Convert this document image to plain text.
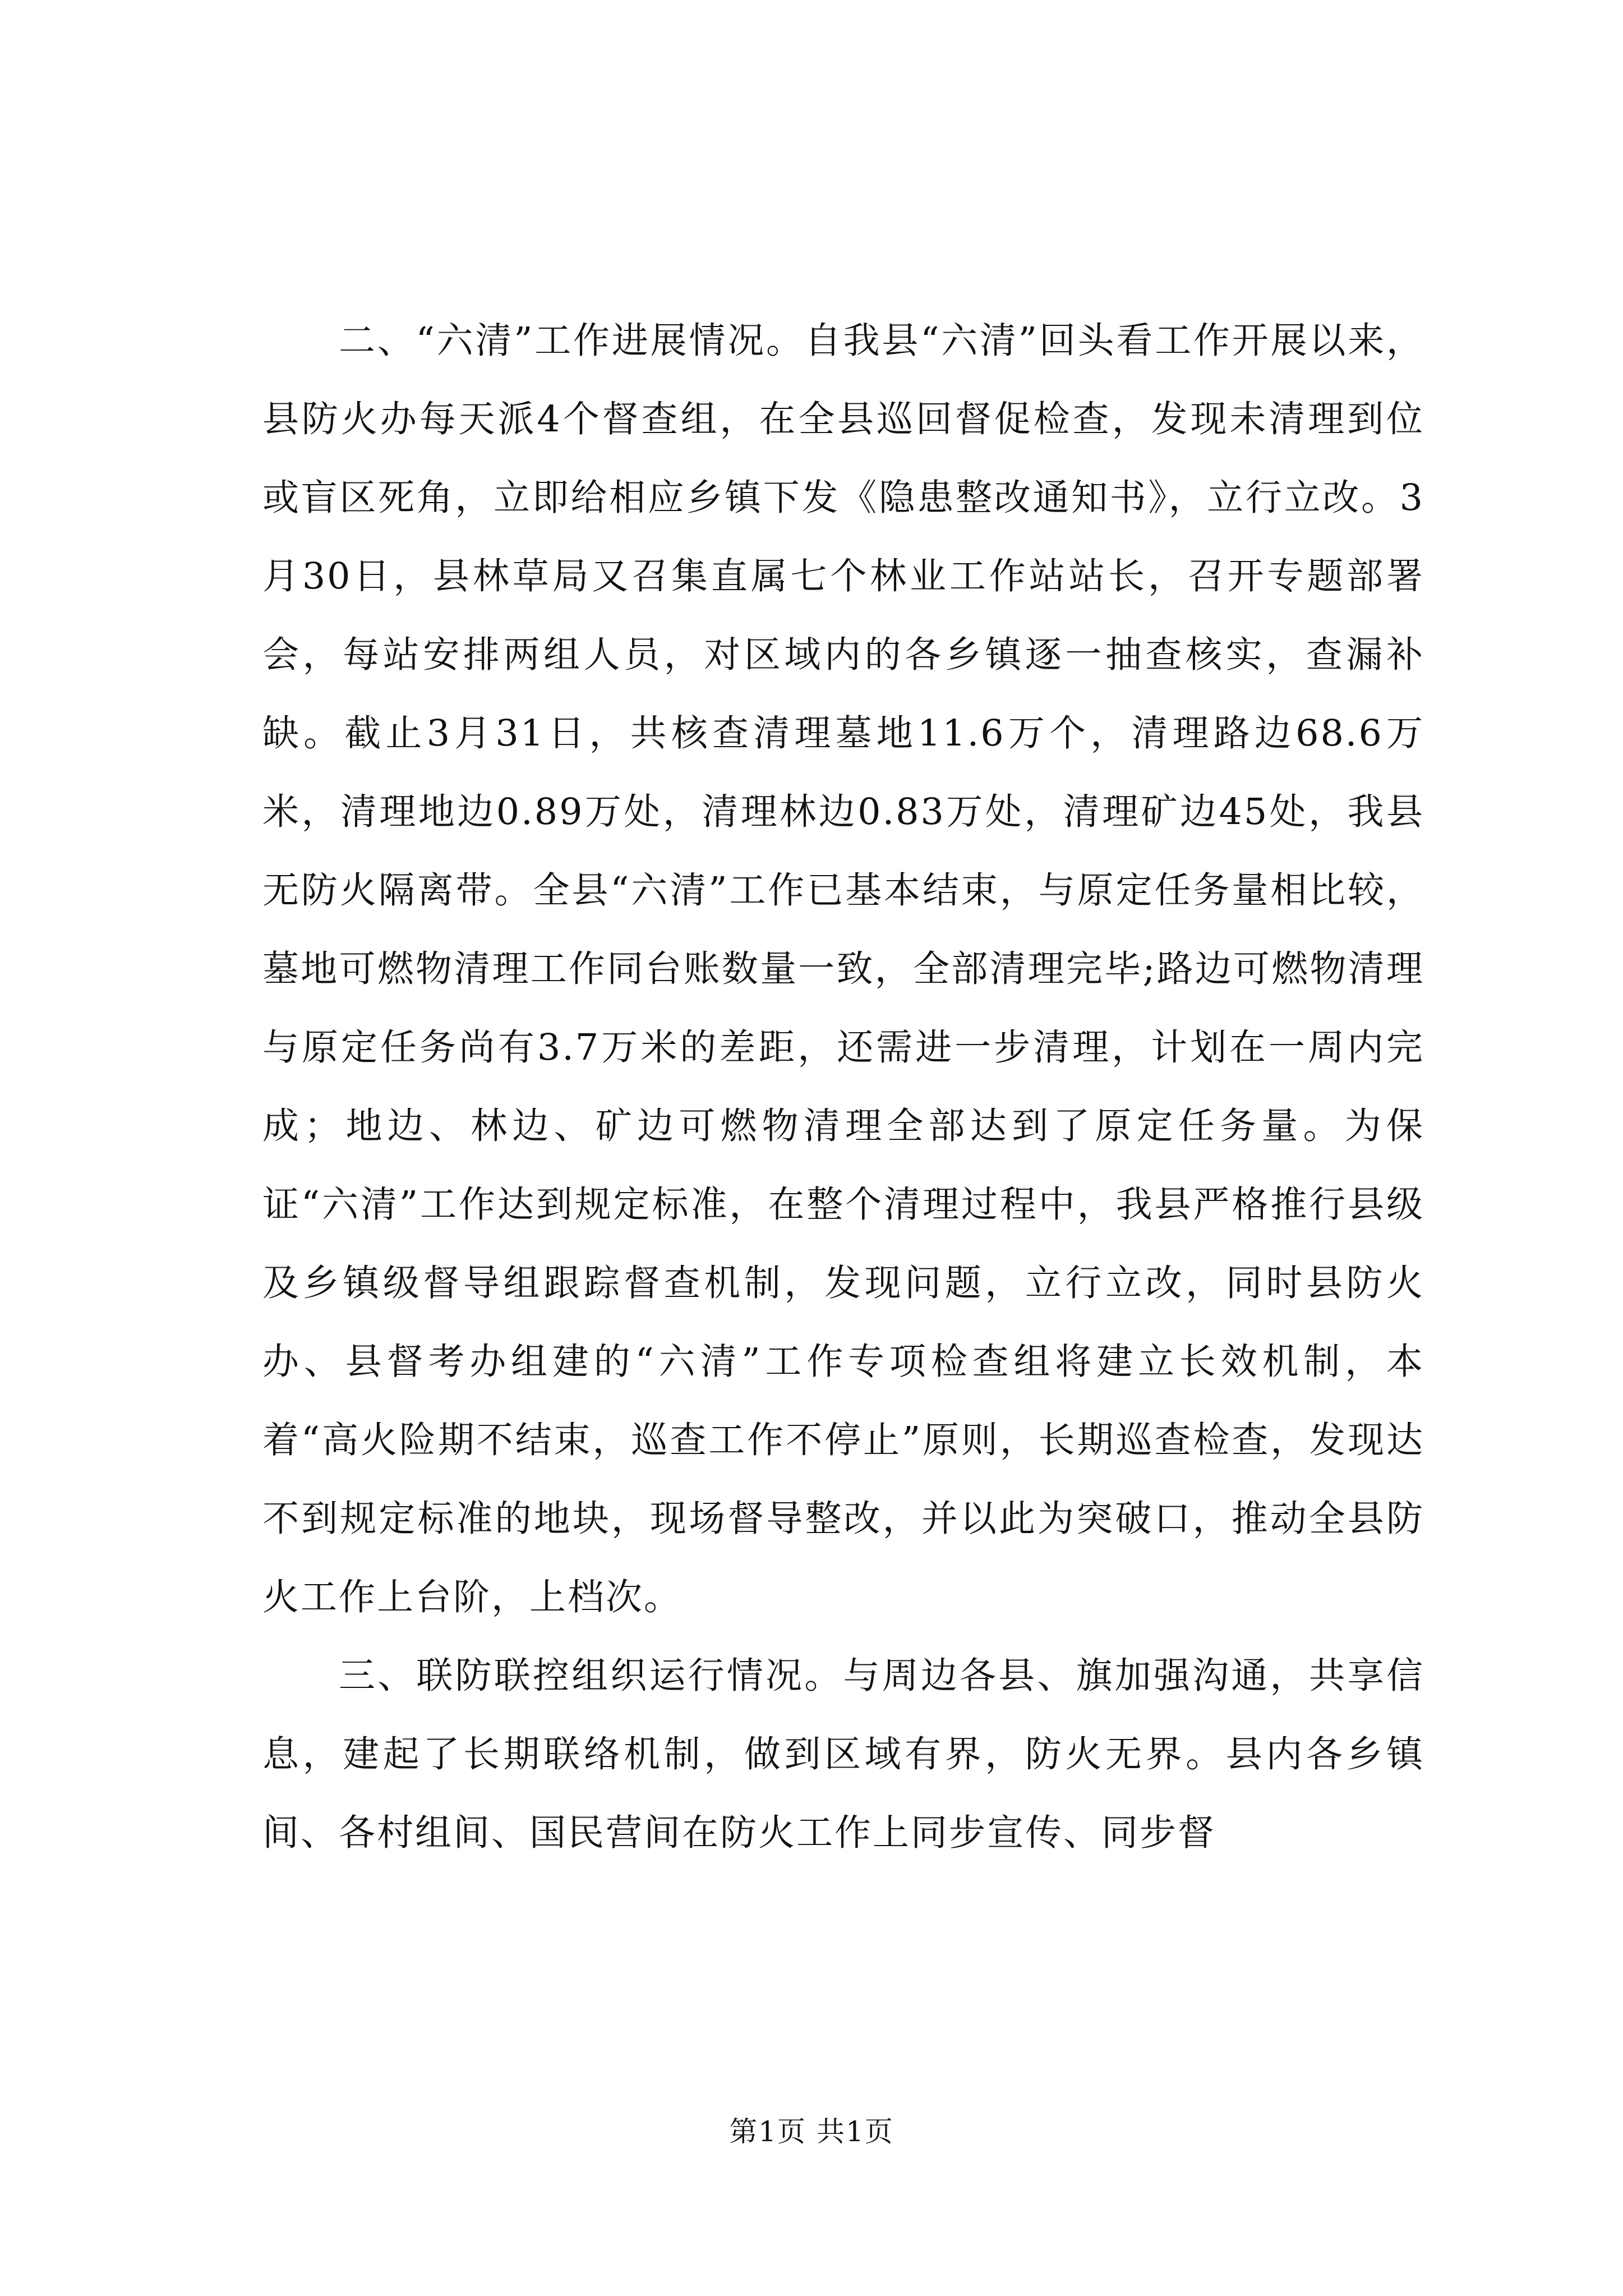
二、“六清”工作进展情况。自我县“六清”回头看工作开展以来，县防火办每天派4个督查组，在全县巡回督促检查，发现未清理到位或盲区死角，立即给相应乡镇下发《隐患整改通知书》，立行立改。3月30日，县林草局又召集直属七个林业工作站站长，召开专题部署会，每站安排两组人员，对区域内的各乡镇逐一抽查核实，查漏补缺。截止3月31日，共核查清理墓地11.6万个，清理路边68.6万米，清理地边0.89万处，清理林边0.83万处，清理矿边45处，我县无防火隔离带。全县“六清”工作已基本结束，与原定任务量相比较，墓地可燃物清理工作同台账数量一致，全部清理完毕;路边可燃物清理与原定任务尚有3.7万米的差距，还需进一步清理，计划在一周内完成；地边、林边、矿边可燃物清理全部达到了原定任务量。为保证“六清”工作达到规定标准，在整个清理过程中，我县严格推行县级及乡镇级督导组跟踪督查机制，发现问题，立行立改，同时县防火办、县督考办组建的“六清”工作专项检查组将建立长效机制，本着“高火险期不结束，巡查工作不停止”原则，长期巡查检查，发现达不到规定标准的地块，现场督导整改，并以此为突破口，推动全县防火工作上台阶，上档次。

三、联防联控组织运行情况。与周边各县、旗加强沟通，共享信息，建起了长期联络机制，做到区域有界，防火无界。县内各乡镇间、各村组间、国民营间在防火工作上同步宣传、同步督

第1页 共1页
